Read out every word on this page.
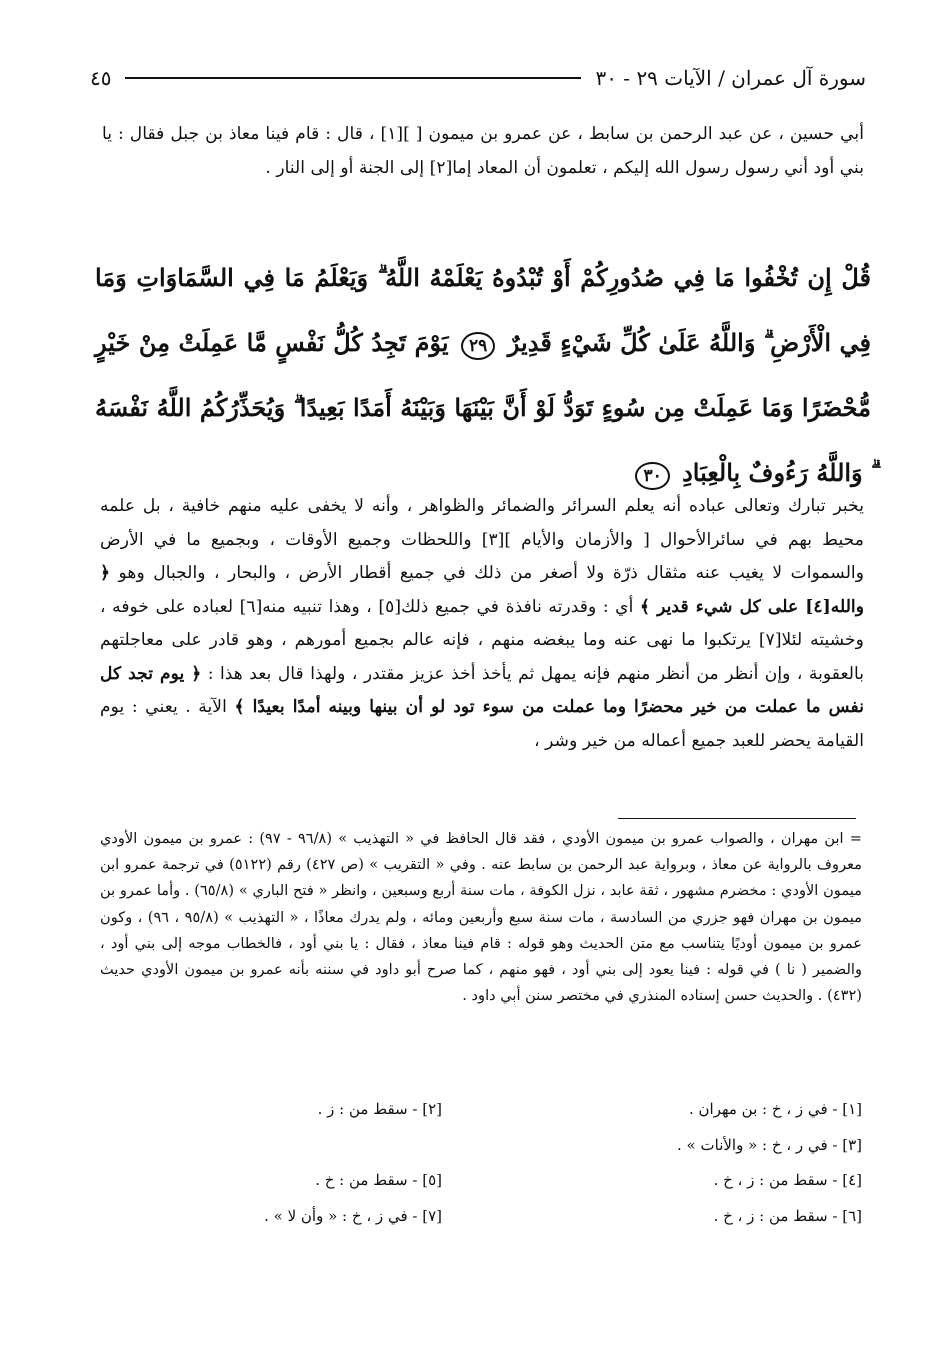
سورة آل عمران / الآيات ٢٩ - ٣٠
٤٥
أبي حسين ، عن عبد الرحمن بن سابط ، عن عمرو بن ميمون [ ][١] ، قال : قام فينا معاذ بن جبل فقال : يا بني أود أني رسول رسول الله إليكم ، تعلمون أن المعاد إما[٢] إلى الجنة أو إلى النار .
قُلْ إِن تُخْفُوا مَا فِي صُدُورِكُمْ أَوْ تُبْدُوهُ يَعْلَمْهُ اللَّهُ ۗ وَيَعْلَمُ مَا فِي السَّمَاوَاتِ وَمَا فِي الْأَرْضِ ۗ وَاللَّهُ عَلَىٰ كُلِّ شَيْءٍ قَدِيرٌ ٢٩ يَوْمَ تَجِدُ كُلُّ نَفْسٍ مَّا عَمِلَتْ مِنْ خَيْرٍ مُّحْضَرًا وَمَا عَمِلَتْ مِن سُوءٍ تَوَدُّ لَوْ أَنَّ بَيْنَهَا وَبَيْنَهُ أَمَدًا بَعِيدًا ۗ وَيُحَذِّرُكُمُ اللَّهُ نَفْسَهُ ۗ وَاللَّهُ رَءُوفٌ بِالْعِبَادِ ٣٠
يخبر تبارك وتعالى عباده أنه يعلم السرائر والضمائر والظواهر ، وأنه لا يخفى عليه منهم خافية ، بل علمه محيط بهم في سائرالأحوال [ والأزمان والأيام ][٣] واللحظات وجميع الأوقات ، وبجميع ما في الأرض والسموات لا يغيب عنه مثقال ذرّة ولا أصغر من ذلك في جميع أقطار الأرض ، والبحار ، والجبال وهو ﴿ والله[٤] على كل شيء قدير ﴾ أي : وقدرته نافذة في جميع ذلك[٥] ، وهذا تنبيه منه[٦] لعباده على خوفه ، وخشيته لئلا[٧] يرتكبوا ما نهى عنه وما يبغضه منهم ، فإنه عالم بجميع أمورهم ، وهو قادر على معاجلتهم بالعقوبة ، وإن أنظر من أنظر منهم فإنه يمهل ثم يأخذ أخذ عزيز مقتدر ، ولهذا قال بعد هذا : ﴿ يوم تجد كل نفس ما عملت من خير محضرًا وما عملت من سوء تود لو أن بينها وبينه أمدًا بعيدًا ﴾ الآية . يعني : يوم القيامة يحضر للعبد جميع أعماله من خير وشر ،
= ابن مهران ، والصواب عمرو بن ميمون الأودي ، فقد قال الحافظ في « التهذيب » (٩٦/٨ - ٩٧) : عمرو بن ميمون الأودي معروف بالرواية عن معاذ ، وبرواية عبد الرحمن بن سابط عنه . وفي « التقريب » (ص ٤٢٧) رقم (٥١٢٢) في ترجمة عمرو ابن ميمون الأودي : مخضرم مشهور ، ثقة عابد ، نزل الكوفة ، مات سنة أربع وسبعين ، وانظر « فتح الباري » (٦٥/٨) . وأما عمرو بن ميمون بن مهران فهو جزري من السادسة ، مات سنة سبع وأربعين ومائه ، ولم يدرك معاذًا ، « التهذيب » (٩٥/٨ ، ٩٦) ، وكون عمرو بن ميمون أوديًا يتناسب مع متن الحديث وهو قوله : قام فينا معاذ ، فقال : يا بني أود ، فالخطاب موجه إلى بني أود ، والضمير ( نا ) في قوله : فينا يعود إلى بني أود ، فهو منهم ، كما صرح أبو داود في سننه بأنه عمرو بن ميمون الأودي حديث (٤٣٢) . والحديث حسن إسناده المنذري في مختصر سنن أبي داود .
[١] - في ز ، خ : بن مهران .
[٢] - سقط من : ز .
[٣] - في ر ، خ : « والأنات » .
[٤] - سقط من : ز ، خ .
[٥] - سقط من : خ .
[٦] - سقط من : ز ، خ .
[٧] - في ز ، خ : « وأن لا » .
